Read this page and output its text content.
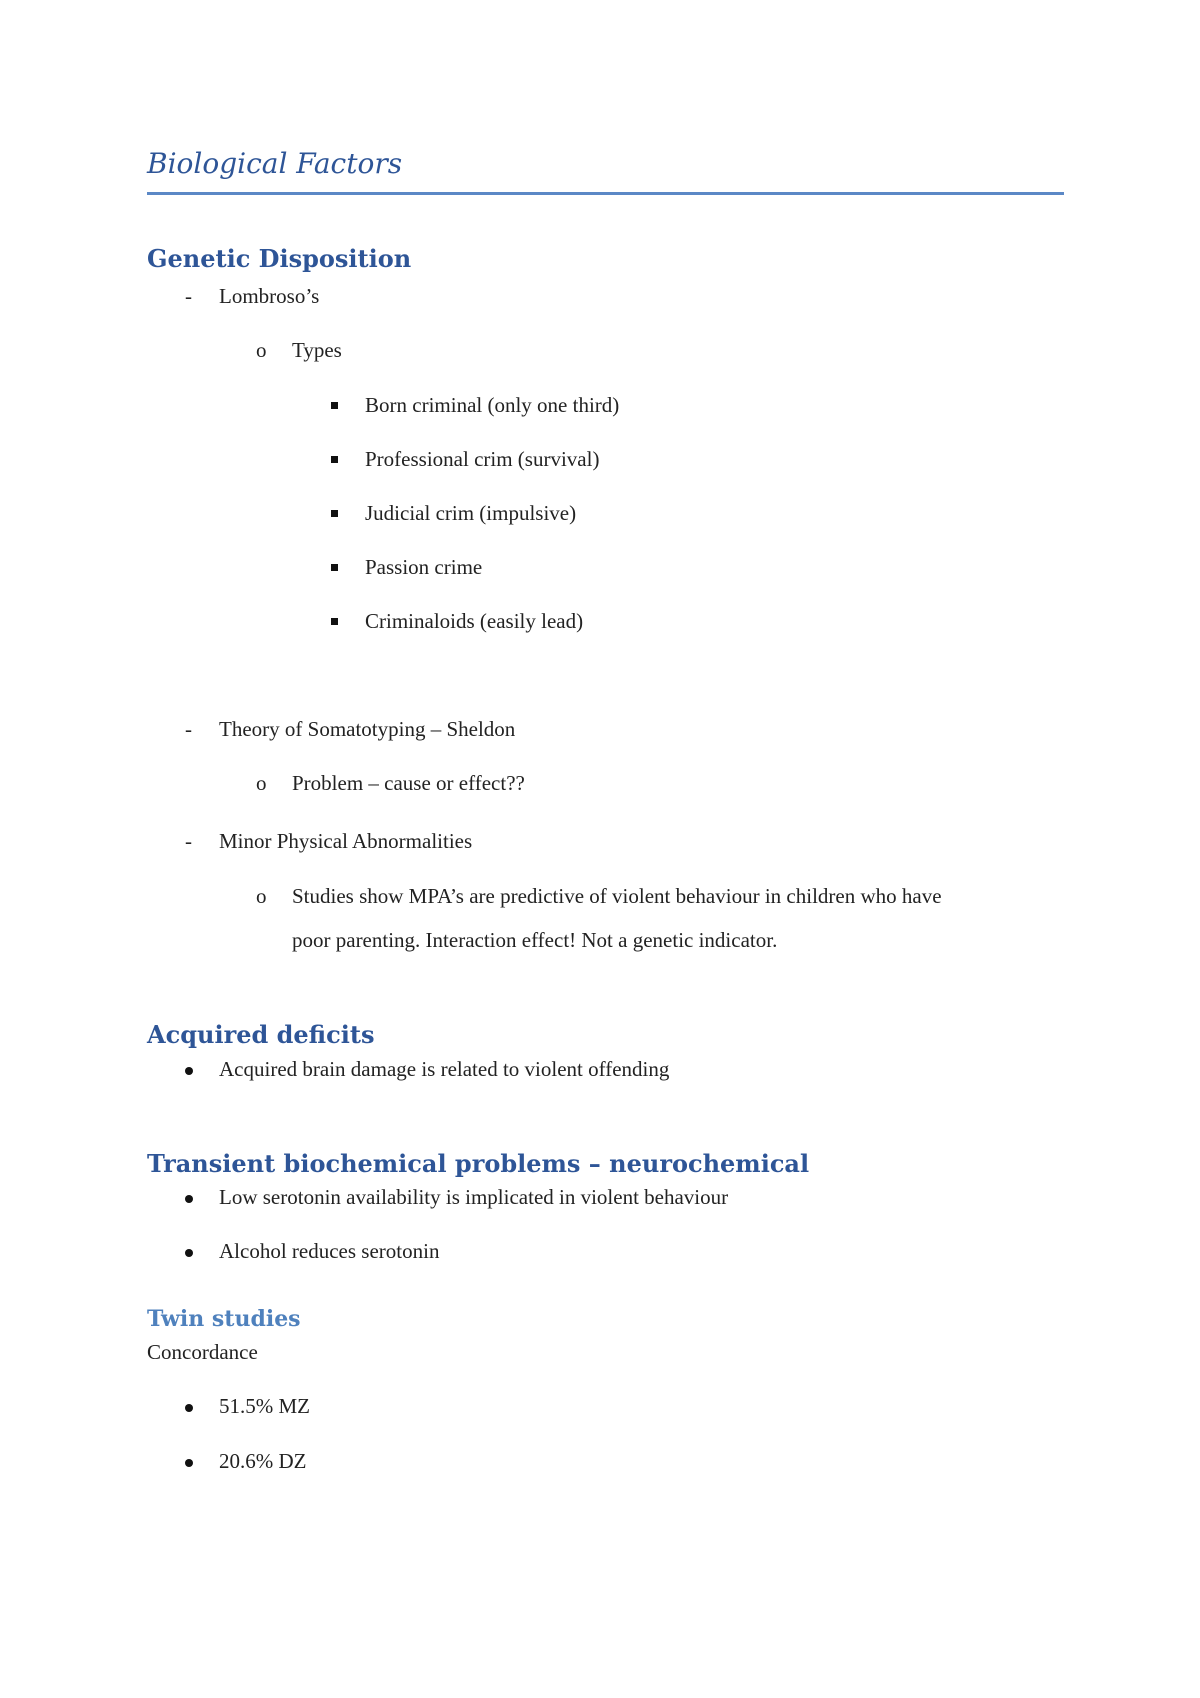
Biological Factors
Genetic Disposition
- Lombroso’s
o Types
Born criminal (only one third)
Professional crim (survival)
Judicial crim (impulsive)
Passion crime
Criminaloids (easily lead)
- Theory of Somatotyping – Sheldon
o Problem – cause or effect??
- Minor Physical Abnormalities
o Studies show MPA’s are predictive of violent behaviour in children who have
poor parenting. Interaction effect! Not a genetic indicator.
Acquired deficits
Acquired brain damage is related to violent offending
Transient biochemical problems – neurochemical
Low serotonin availability is implicated in violent behaviour
Alcohol reduces serotonin
Twin studies
Concordance
51.5% MZ
20.6% DZ
